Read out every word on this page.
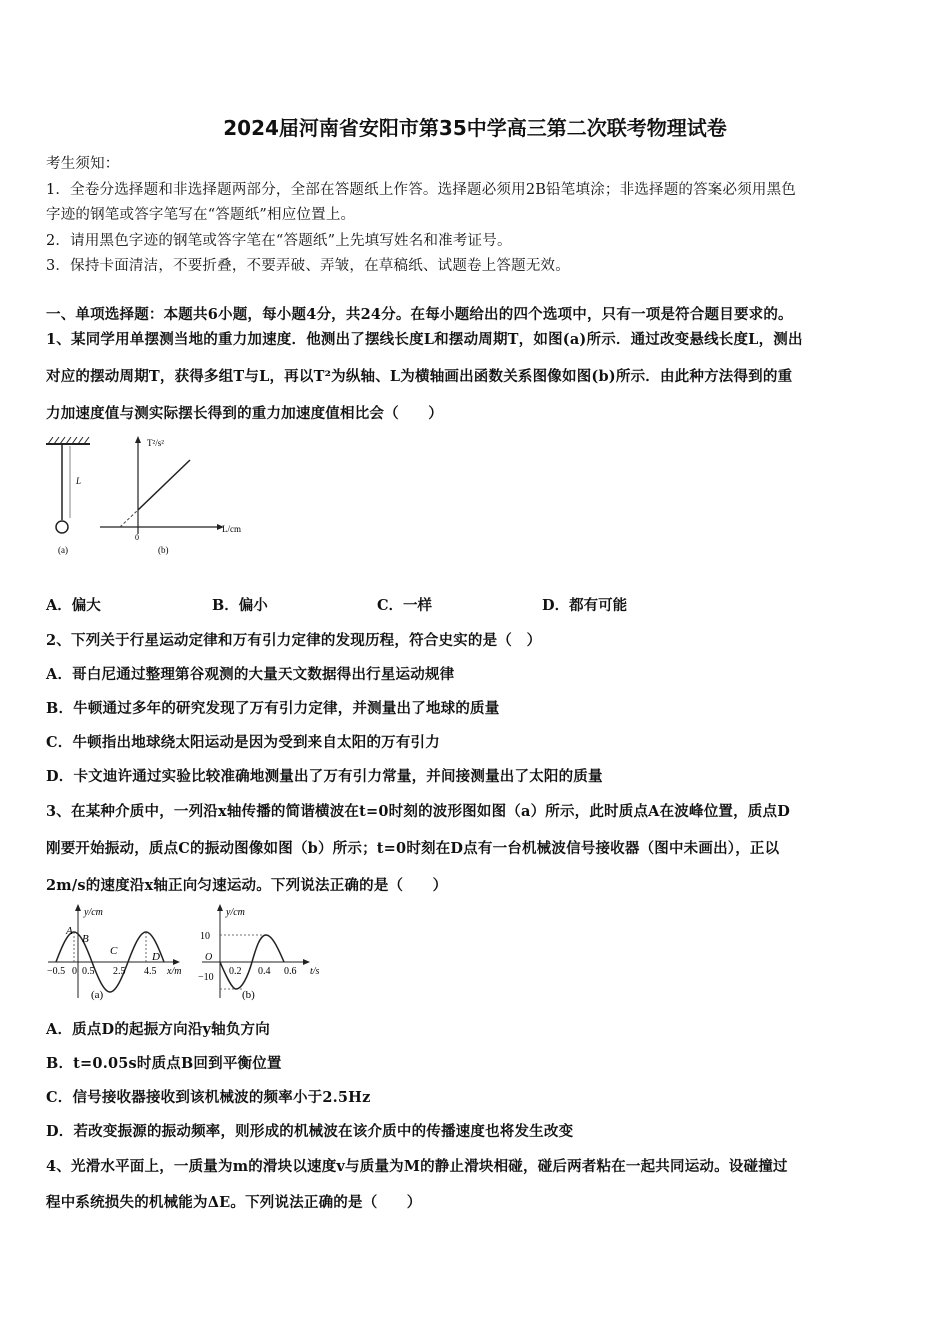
2024届河南省安阳市第35中学高三第二次联考物理试卷
考生须知：
1．全卷分选择题和非选择题两部分，全部在答题纸上作答。选择题必须用2B铅笔填涂；非选择题的答案必须用黑色
字迹的钢笔或答字笔写在“答题纸”相应位置上。
2．请用黑色字迹的钢笔或答字笔在“答题纸”上先填写姓名和准考证号。
3．保持卡面清洁，不要折叠，不要弄破、弄皱，在草稿纸、试题卷上答题无效。
一、单项选择题：本题共6小题，每小题4分，共24分。在每小题给出的四个选项中，只有一项是符合题目要求的。
1、某同学用单摆测当地的重力加速度．他测出了摆线长度L和摆动周期T，如图(a)所示．通过改变悬线长度L，测出
对应的摆动周期T，获得多组T与L，再以T²为纵轴、L为横轴画出函数关系图像如图(b)所示．由此种方法得到的重
力加速度值与测实际摆长得到的重力加速度值相比会（　　）
L
(a)
T²/s²
L/cm
0
(b)
A．偏大	B．偏小	C．一样	D．都有可能
2、下列关于行星运动定律和万有引力定律的发现历程，符合史实的是（　）
A．哥白尼通过整理第谷观测的大量天文数据得出行星运动规律
B．牛顿通过多年的研究发现了万有引力定律，并测量出了地球的质量
C．牛顿指出地球绕太阳运动是因为受到来自太阳的万有引力
D．卡文迪许通过实验比较准确地测量出了万有引力常量，并间接测量出了太阳的质量
3、在某种介质中，一列沿x轴传播的简谐横波在t=0时刻的波形图如图（a）所示，此时质点A在波峰位置，质点D
刚要开始振动，质点C的振动图像如图（b）所示；t=0时刻在D点有一台机械波信号接收器（图中未画出），正以
2m/s的速度沿x轴正向匀速运动。下列说法正确的是（　　）
y/cm
A
B
C	D
−0.5 0 0.5 2.5 4.5 x/m
(a)
y/cm
10
O
−10
0.2 0.4 0.6 t/s
(b)
A．质点D的起振方向沿y轴负方向
B．t=0.05s时质点B回到平衡位置
C．信号接收器接收到该机械波的频率小于2.5Hz
D．若改变振源的振动频率，则形成的机械波在该介质中的传播速度也将发生改变
4、光滑水平面上，一质量为m的滑块以速度v与质量为M的静止滑块相碰，碰后两者粘在一起共同运动。设碰撞过
程中系统损失的机械能为ΔE。下列说法正确的是（　　）
